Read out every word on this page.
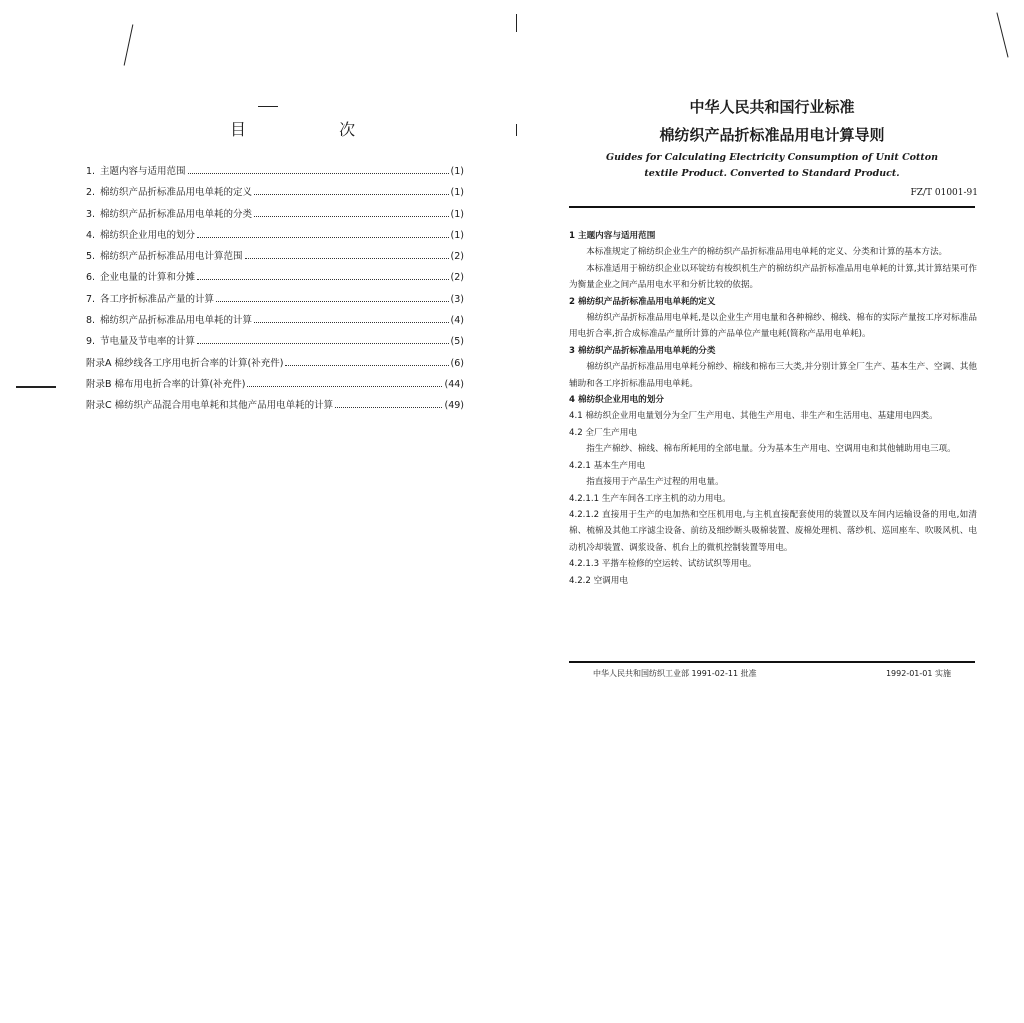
目 次
1. 主题内容与适用范围	(1)
2. 棉纺织产品折标准品用电单耗的定义	(1)
3. 棉纺织产品折标准品用电单耗的分类	(1)
4. 棉纺织企业用电的划分	(1)
5. 棉纺织产品折标准品用电计算范围	(2)
6. 企业电量的计算和分摊	(2)
7. 各工序折标准品产量的计算	(3)
8. 棉纺织产品折标准品用电单耗的计算	(4)
9. 节电量及节电率的计算	(5)
附录A 棉纱线各工序用电折合率的计算(补充件)	(6)
附录B 棉布用电折合率的计算(补充件)	(44)
附录C 棉纺织产品混合用电单耗和其他产品用电单耗的计算	(49)
中华人民共和国行业标准
棉纺织产品折标准品用电计算导则
Guides for Calculating Electricity Consumption of Unit Cotton
textile Product. Converted to Standard Product.
FZ/T 01001-91

1 主题内容与适用范围

本标准规定了棉纺织企业生产的棉纺织产品折标准品用电单耗的定义、分类和计算的基本方法。

本标准适用于棉纺织企业以环锭纺有梭织机生产的棉纺织产品折标准品用电单耗的计算,其计算结果可作为衡量企业之间产品用电水平和分析比较的依据。

2 棉纺织产品折标准品用电单耗的定义

棉纺织产品折标准品用电单耗,是以企业生产用电量和各种棉纱、棉线、棉布的实际产量按工序对标准品用电折合率,折合成标准品产量所计算的产品单位产量电耗(简称产品用电单耗)。

3 棉纺织产品折标准品用电单耗的分类

棉纺织产品折标准品用电单耗分棉纱、棉线和棉布三大类,并分别计算全厂生产、基本生产、空调、其他辅助和各工序折标准品用电单耗。

4 棉纺织企业用电的划分

4.1 棉纺织企业用电量划分为全厂生产用电、其他生产用电、非生产和生活用电、基建用电四类。

4.2 全厂生产用电

指生产棉纱、棉线、棉布所耗用的全部电量。分为基本生产用电、空调用电和其他辅助用电三项。

4.2.1 基本生产用电

指直接用于产品生产过程的用电量。

4.2.1.1 生产车间各工序主机的动力用电。

4.2.1.2 直接用于生产的电加热和空压机用电,与主机直接配套使用的装置以及车间内运输设备的用电,如清棉、梳棉及其他工序滤尘设备、前纺及细纱断头吸棉装置、废棉处理机、落纱机、巡回座车、吹吸风机、电动机冷却装置、调浆设备、机台上的微机控制装置等用电。

4.2.1.3 平揩车检修的空运转、试纺试织等用电。

4.2.2 空调用电

中华人民共和国纺织工业部 1991-02-11 批准	1992-01-01 实施
